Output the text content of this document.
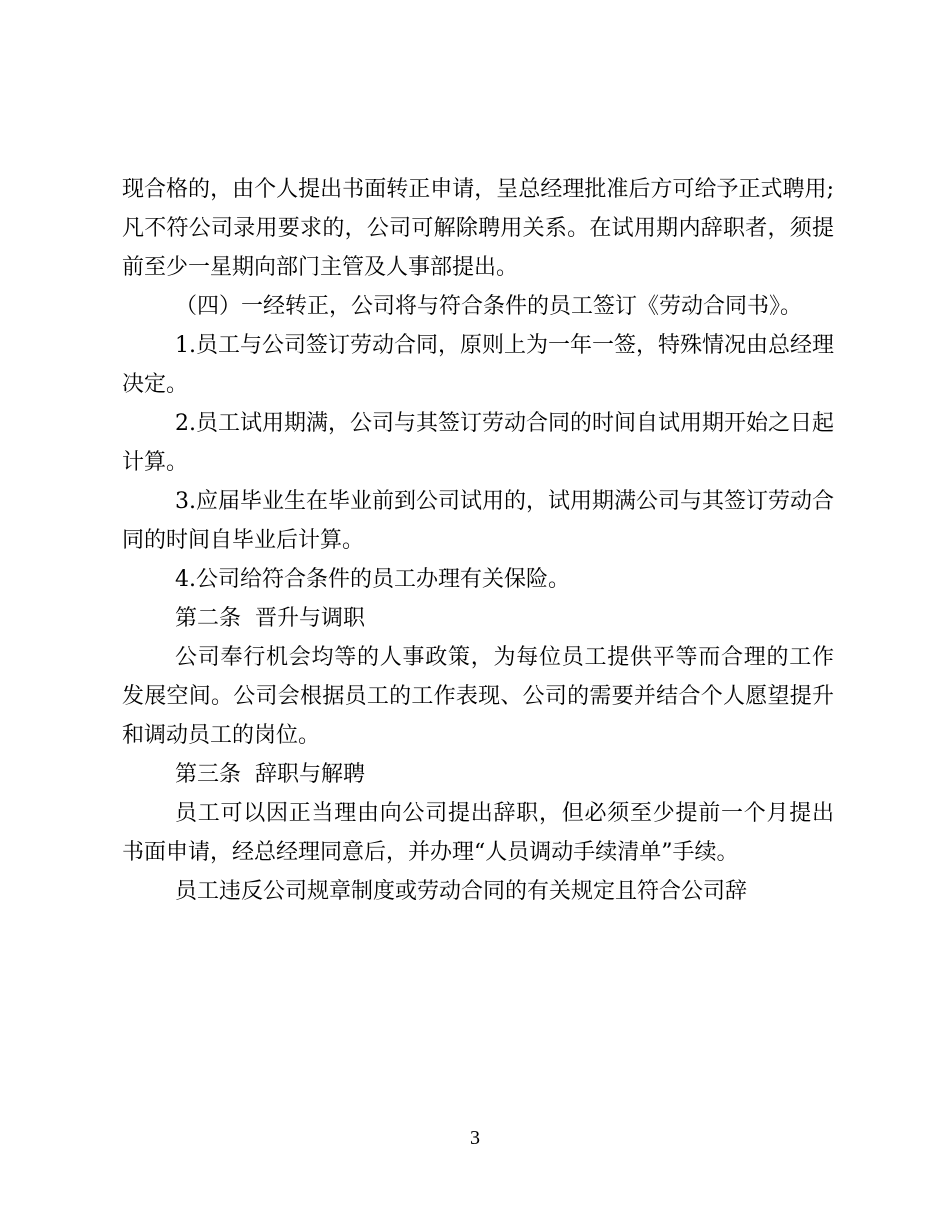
现合格的，由个人提出书面转正申请，呈总经理批准后方可给予正式聘用;凡不符公司录用要求的，公司可解除聘用关系。在试用期内辞职者，须提前至少一星期向部门主管及人事部提出。

（四）一经转正，公司将与符合条件的员工签订《劳动合同书》。

1.员工与公司签订劳动合同，原则上为一年一签，特殊情况由总经理决定。

2.员工试用期满，公司与其签订劳动合同的时间自试用期开始之日起计算。

3.应届毕业生在毕业前到公司试用的，试用期满公司与其签订劳动合同的时间自毕业后计算。

4.公司给符合条件的员工办理有关保险。

第二条  晋升与调职

公司奉行机会均等的人事政策，为每位员工提供平等而合理的工作发展空间。公司会根据员工的工作表现、公司的需要并结合个人愿望提升和调动员工的岗位。

第三条  辞职与解聘

员工可以因正当理由向公司提出辞职，但必须至少提前一个月提出书面申请，经总经理同意后，并办理“人员调动手续清单”手续。

员工违反公司规章制度或劳动合同的有关规定且符合公司辞

3
